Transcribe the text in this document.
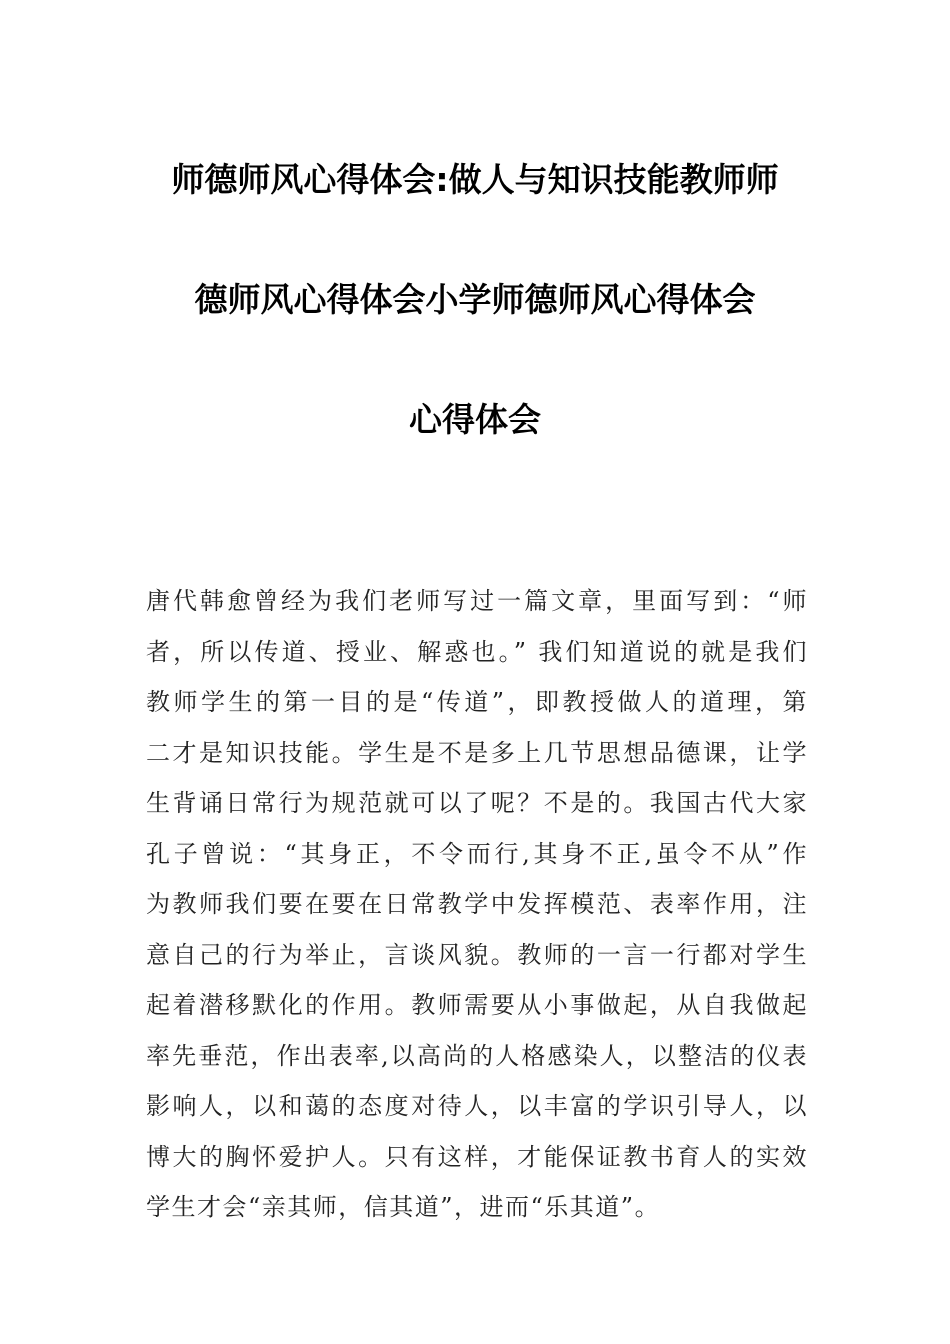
师德师风心得体会:做人与知识技能教师师
德师风心得体会小学师德师风心得体会
心得体会
唐代韩愈曾经为我们老师写过一篇文章，里面写到：“师
者，所以传道、授业、解惑也。” 我们知道说的就是我们
教师学生的第一目的是“传道”，即教授做人的道理，第
二才是知识技能。学生是不是多上几节思想品德课，让学
生背诵日常行为规范就可以了呢？不是的。我国古代大家
孔子曾说：“其身正，不令而行,其身不正,虽令不从”作
为教师我们要在要在日常教学中发挥模范、表率作用，注
意自己的行为举止，言谈风貌。教师的一言一行都对学生
起着潜移默化的作用。教师需要从小事做起，从自我做起
率先垂范，作出表率,以高尚的人格感染人，以整洁的仪表
影响人，以和蔼的态度对待人，以丰富的学识引导人，以
博大的胸怀爱护人。只有这样，才能保证教书育人的实效
学生才会“亲其师，信其道”，进而“乐其道”。
